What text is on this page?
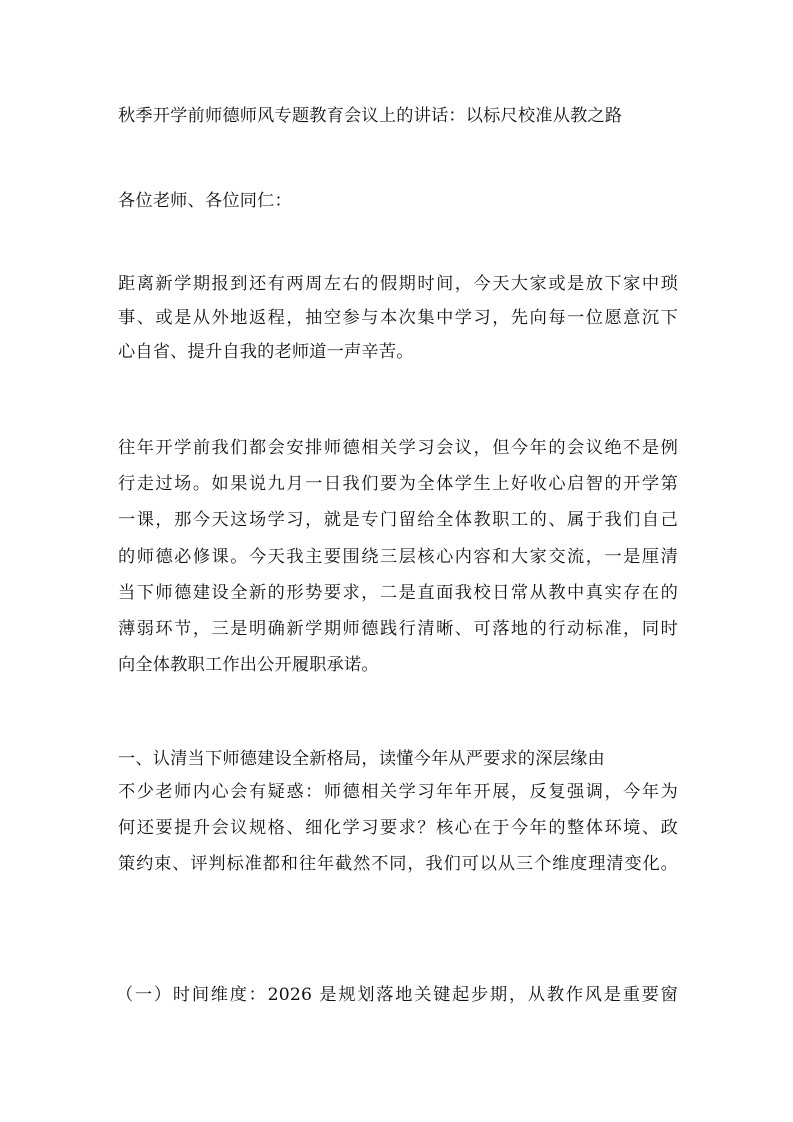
秋季开学前师德师风专题教育会议上的讲话：以标尺校准从教之路
各位老师、各位同仁：
距离新学期报到还有两周左右的假期时间，今天大家或是放下家中琐
事、或是从外地返程，抽空参与本次集中学习，先向每一位愿意沉下
心自省、提升自我的老师道一声辛苦。
往年开学前我们都会安排师德相关学习会议，但今年的会议绝不是例
行走过场。如果说九月一日我们要为全体学生上好收心启智的开学第
一课，那今天这场学习，就是专门留给全体教职工的、属于我们自己
的师德必修课。今天我主要围绕三层核心内容和大家交流，一是厘清
当下师德建设全新的形势要求，二是直面我校日常从教中真实存在的
薄弱环节，三是明确新学期师德践行清晰、可落地的行动标准，同时
向全体教职工作出公开履职承诺。
一、认清当下师德建设全新格局，读懂今年从严要求的深层缘由
不少老师内心会有疑惑：师德相关学习年年开展，反复强调，今年为
何还要提升会议规格、细化学习要求？核心在于今年的整体环境、政
策约束、评判标准都和往年截然不同，我们可以从三个维度理清变化。
（一）时间维度：2026 是规划落地关键起步期，从教作风是重要窗
